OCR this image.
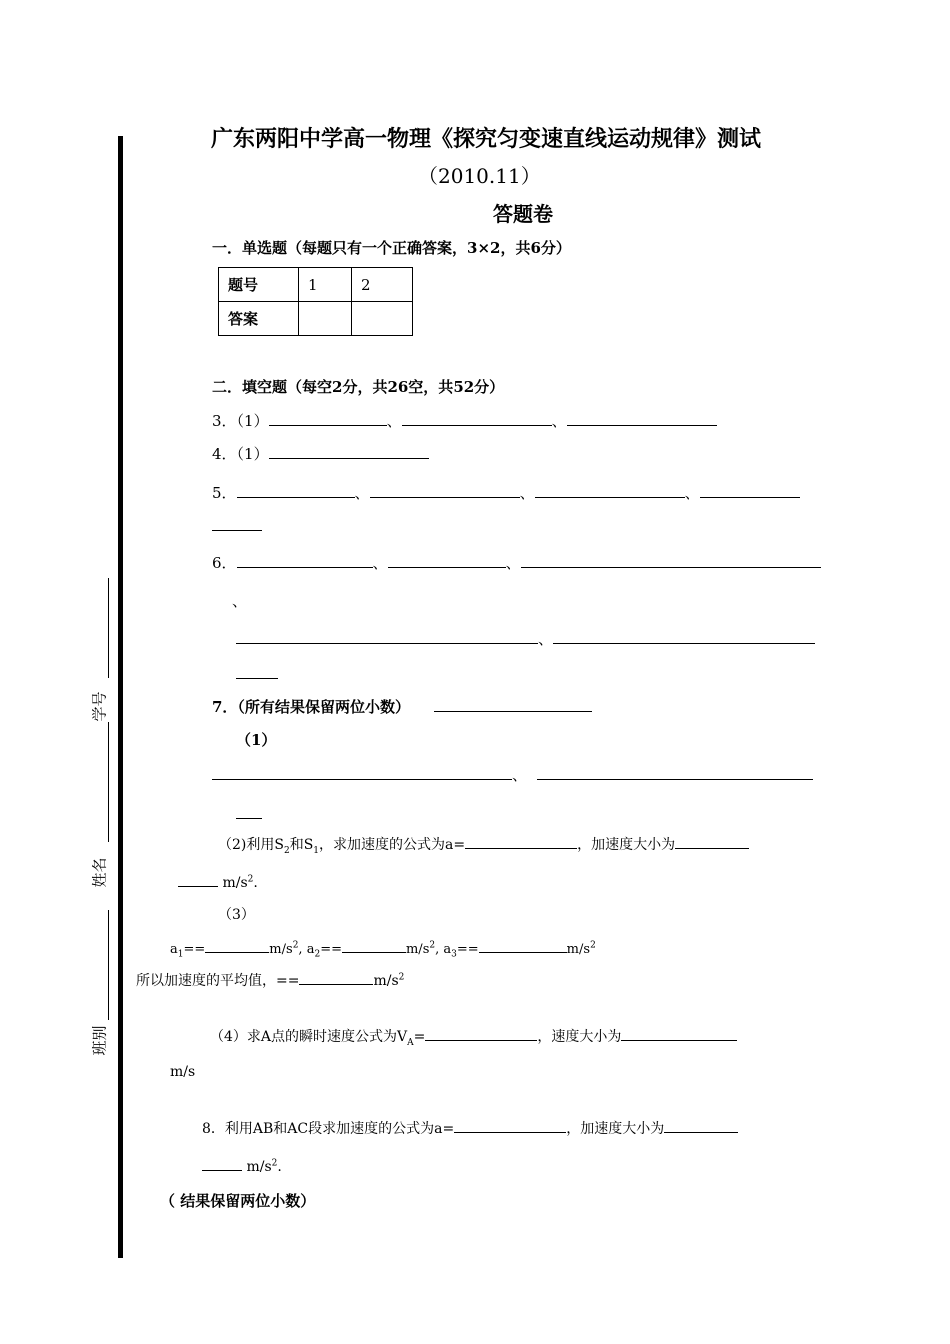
学号
姓名
班别
广东两阳中学高一物理《探究匀变速直线运动规律》测试
（2010.11）
答题卷
一．单选题（每题只有一个正确答案，3×2，共6分）
题号	1	2
答案		
二．填空题（每空2分，共26空，共52分）
3．（1）	、	、
4．（1）
5．	、	、	、
6．	、	、
、
、
7．（所有结果保留两位小数）
（1）
、
（2)利用$S_2$和$S_1$，求加速度的公式为a=	，加速度大小为
$m/s^2$.
（3）
$a_1==$	$m/s^2$, $a_2==$	$m/s^2$, $a_3==$	$m/s^2$
所以加速度的平均值，==	$m/s^2$
（4）求A点的瞬时速度公式为$V_A=$	，速度大小为
m/s
8．利用AB和AC段求加速度的公式为a=	，加速度大小为
$m/s^2$.
（ 结果保留两位小数）
